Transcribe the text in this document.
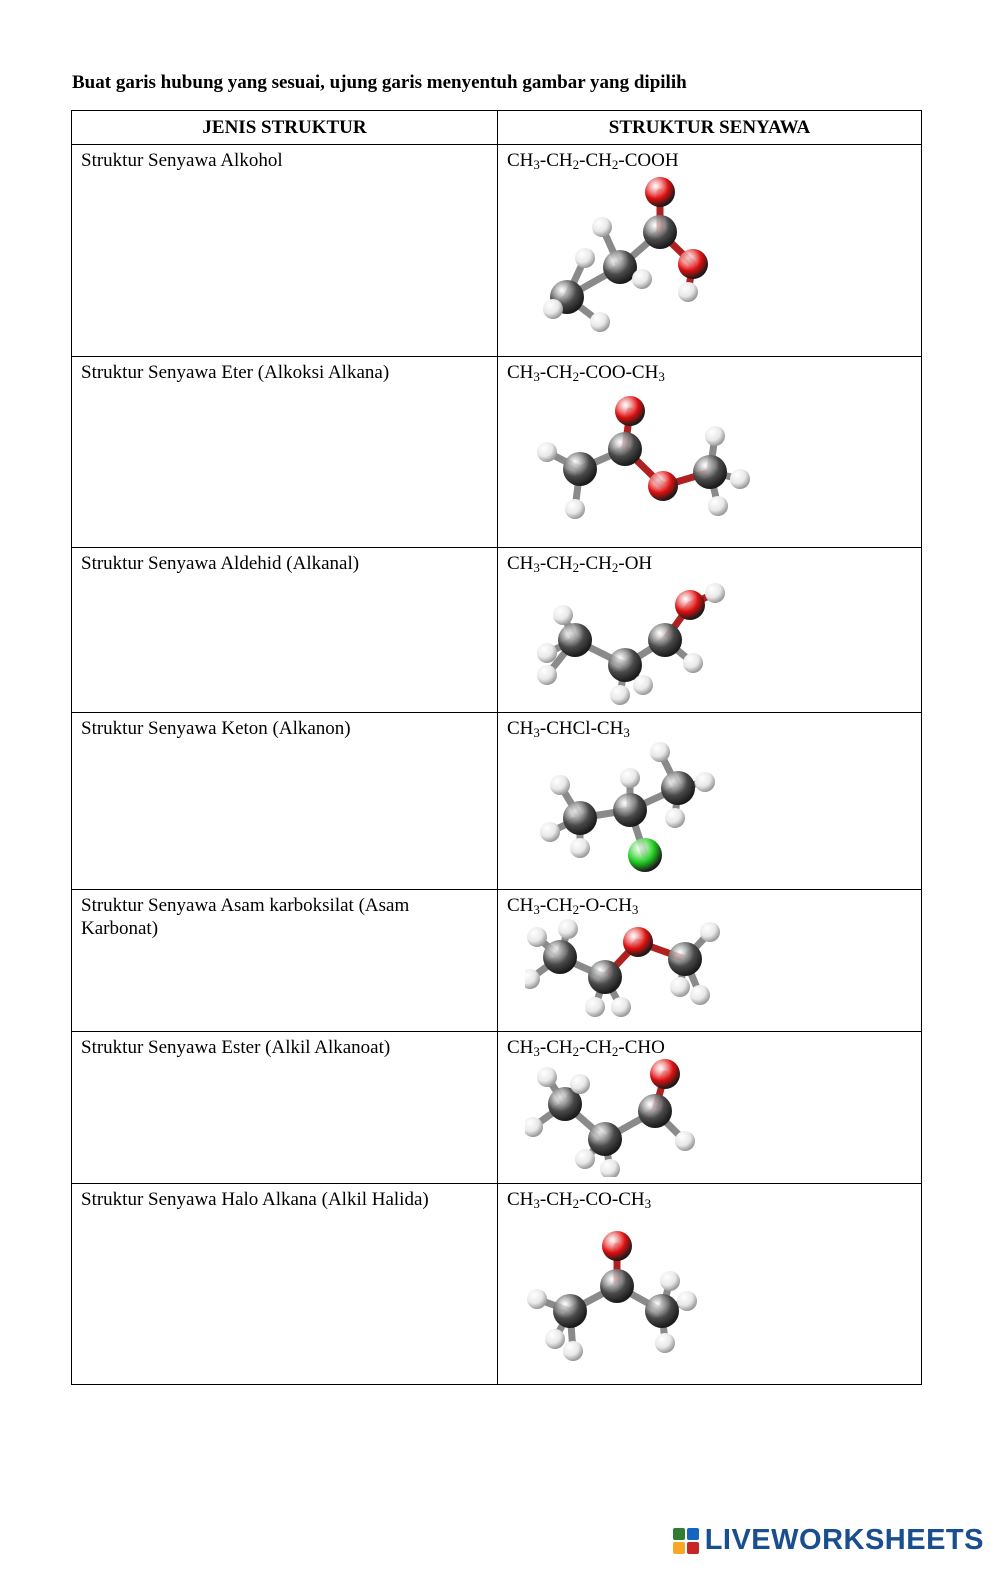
Buat garis hubung yang sesuai, ujung garis menyentuh gambar yang dipilih

JENIS STRUKTUR	STRUKTUR SENYAWA

Struktur Senyawa Alkohol	$CH_3-CH_2-CH_2$-COOH

Struktur Senyawa Eter (Alkoksi Alkana)	$CH_3-CH_2-COO-CH_3$

Struktur Senyawa Aldehid (Alkanal)	$CH_3-CH_2-CH_2-OH$

Struktur Senyawa Keton (Alkanon)	$CH_3-CHCl-CH_3$

Struktur Senyawa Asam karboksilat (Asam Karbonat)	$CH_3-CH_2-O-CH_3$

Struktur Senyawa Ester (Alkil Alkanoat)	$CH_3-CH_2-CH_2$-CHO

Struktur Senyawa Halo Alkana (Alkil Halida)	$CH_3-CH_2-CO-CH_3$
LIVEWORKSHEETS
